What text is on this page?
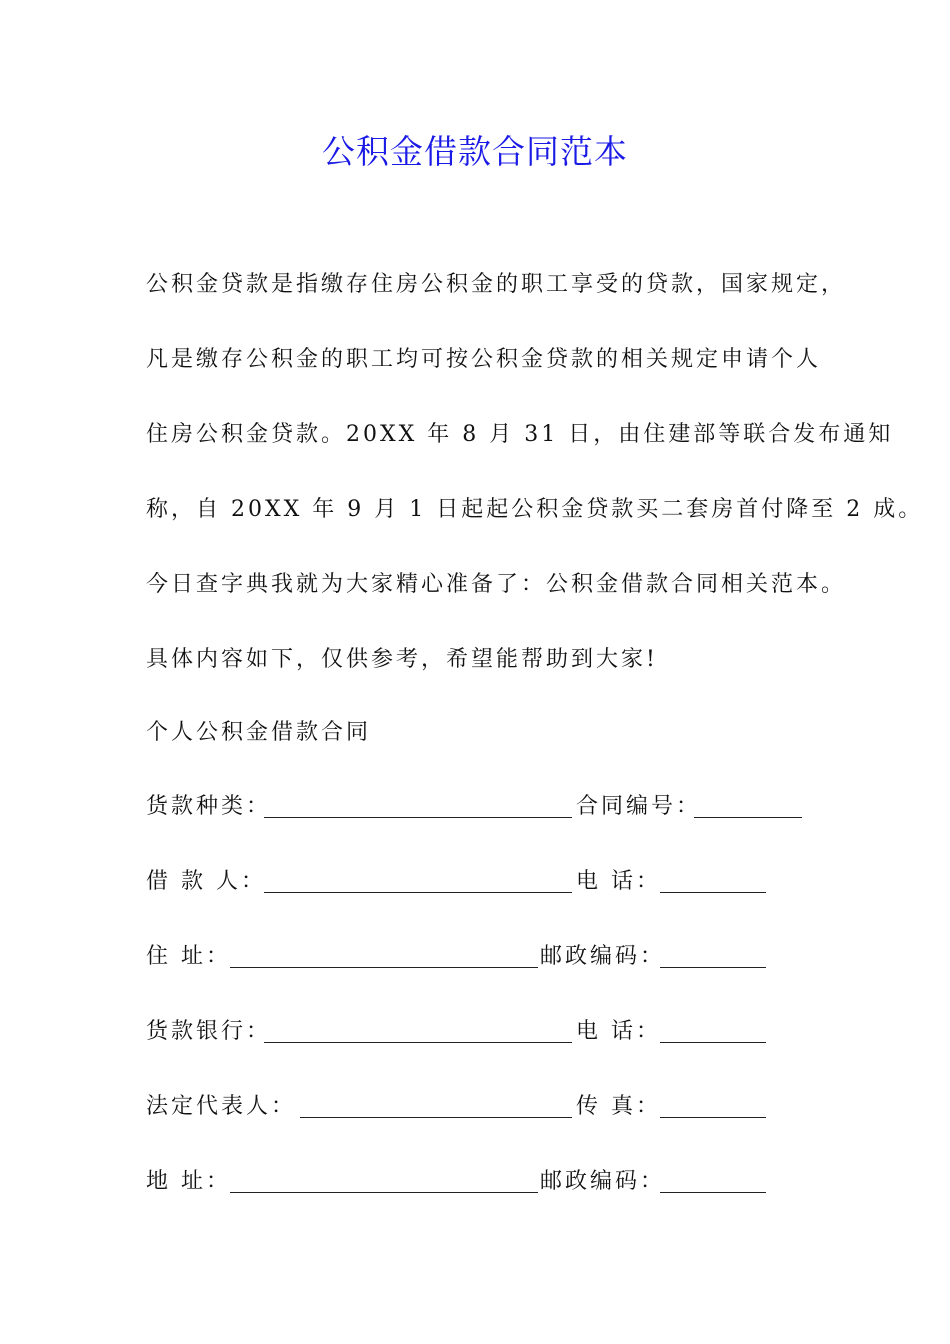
公积金借款合同范本
公积金贷款是指缴存住房公积金的职工享受的贷款，国家规定，
凡是缴存公积金的职工均可按公积金贷款的相关规定申请个人
住房公积金贷款。20XX 年 8 月 31 日，由住建部等联合发布通知
称，自 20XX 年 9 月 1 日起起公积金贷款买二套房首付降至 2 成。
今日查字典我就为大家精心准备了：公积金借款合同相关范本。
具体内容如下，仅供参考，希望能帮助到大家!
个人公积金借款合同
货款种类：	合同编号：
借 款 人：	电 话：
住 址：	邮政编码：
货款银行：	电 话：
法定代表人：	传 真：
地 址：	邮政编码：
